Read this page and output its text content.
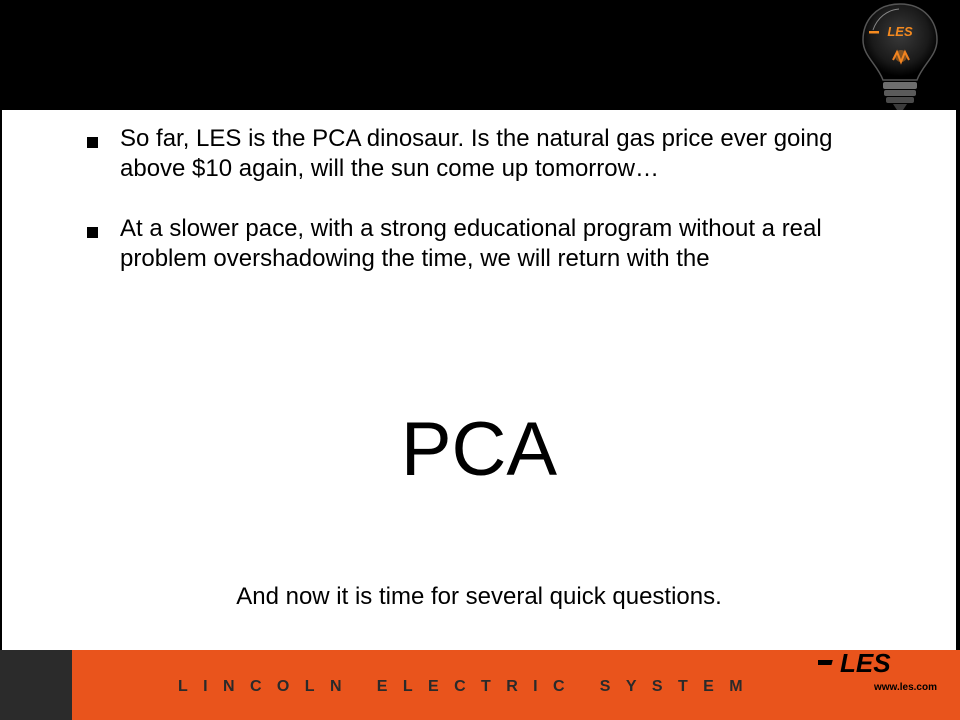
LES
So far, LES is the PCA dinosaur. Is the natural gas price ever going above $10 again, will the sun come up tomorrow…
At a slower pace, with a strong educational program without a real problem overshadowing the time, we will return with the
PCA
And now it is time for several quick questions.
LINCOLN ELECTRIC SYSTEM
LES
www.les.com
